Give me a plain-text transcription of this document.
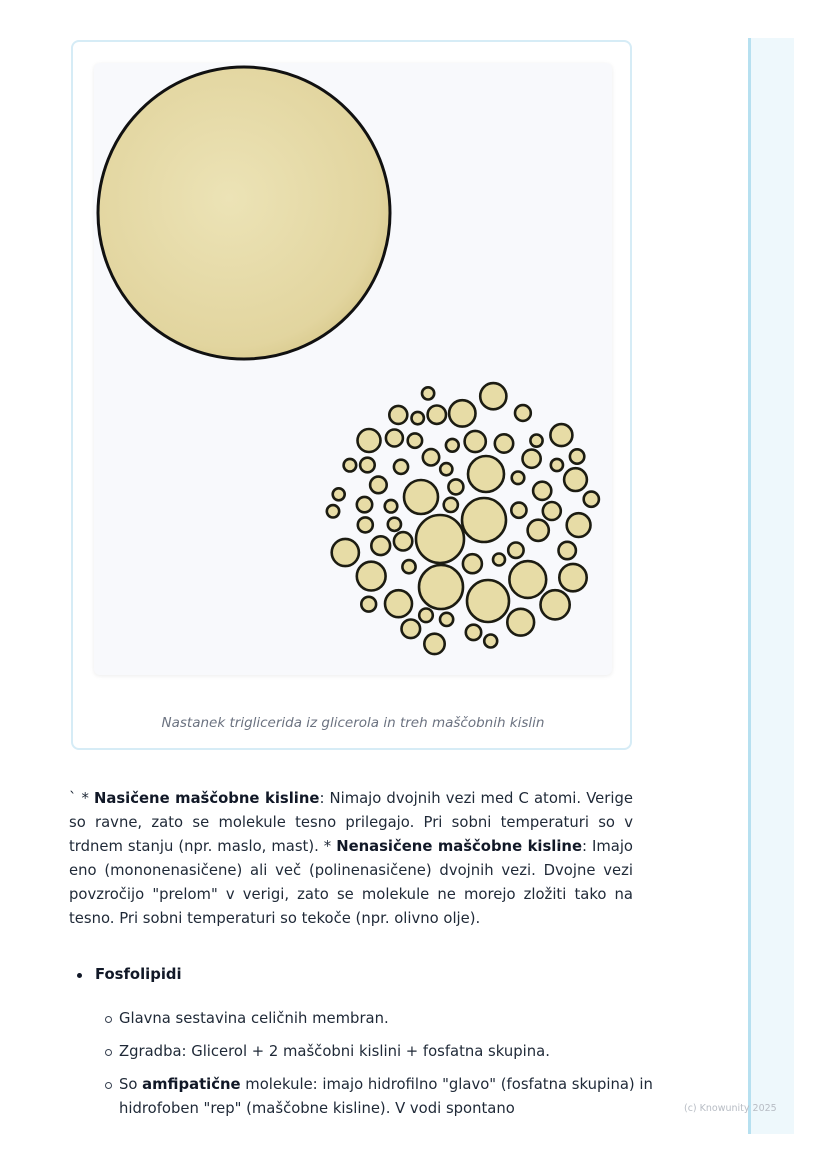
Nastanek triglicerida iz glicerola in treh maščobnih kislin
` * Nasičene maščobne kisline: Nimajo dvojnih vezi med C atomi. Verige so ravne, zato se molekule tesno prilegajo. Pri sobni temperaturi so v trdnem stanju (npr. maslo, mast). * Nenasičene maščobne kisline: Imajo eno (mononenasičene) ali več (polinenasičene) dvojnih vezi. Dvojne vezi povzročijo "prelom" v verigi, zato se molekule ne morejo zložiti tako na tesno. Pri sobni temperaturi so tekoče (npr. olivno olje).
Fosfolipidi
Glavna sestavina celičnih membran.
Zgradba: Glicerol + 2 maščobni kislini + fosfatna skupina.
So amfipatične molekule: imajo hidrofilno "glavo" (fosfatna skupina) in hidrofoben "rep" (maščobne kisline). V vodi spontano	(c) Knowunity 2025
